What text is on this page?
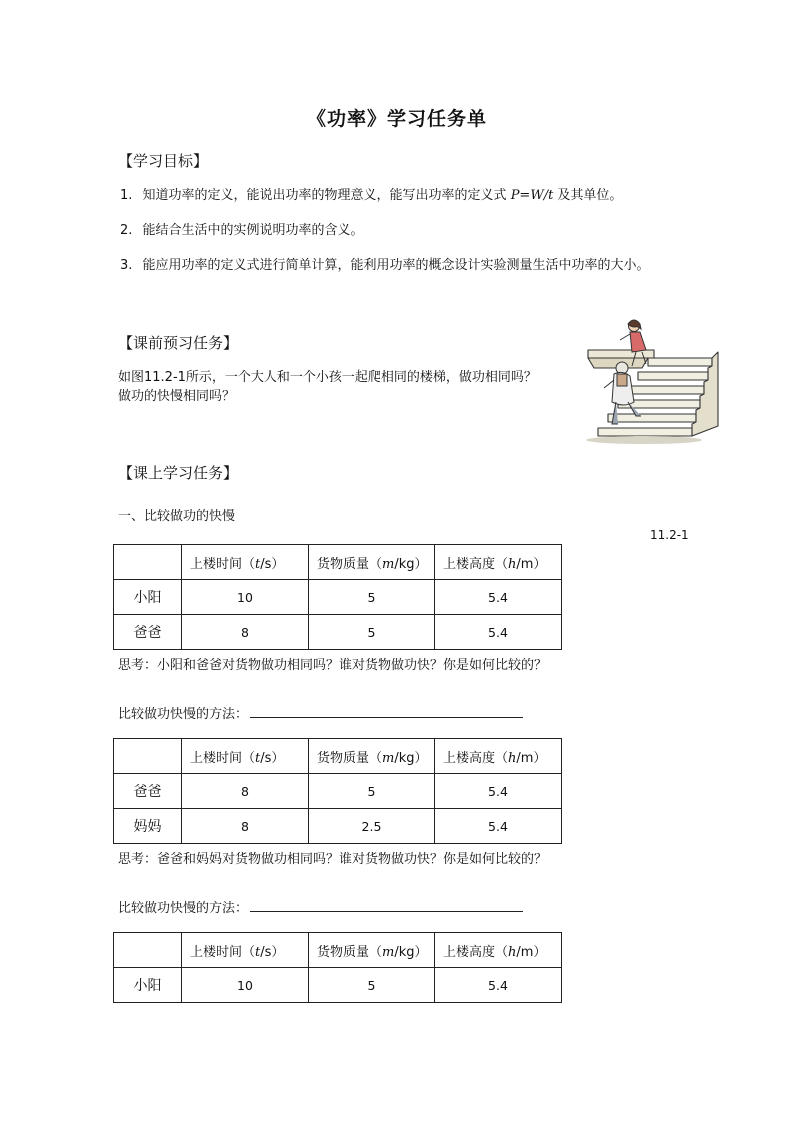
《功率》学习任务单
【学习目标】
1. 知道功率的定义，能说出功率的物理意义，能写出功率的定义式 P=W/t 及其单位。
2. 能结合生活中的实例说明功率的含义。
3. 能应用功率的定义式进行简单计算，能利用功率的概念设计实验测量生活中功率的大小。
【课前预习任务】
如图11.2-1所示，一个大人和一个小孩一起爬相同的楼梯，做功相同吗？
做功的快慢相同吗？
11.2-1
【课上学习任务】
一、比较做功的快慢
	上楼时间（t/s）	货物质量（m/kg）	上楼高度（h/m）
小阳	10	5	5.4
爸爸	8	5	5.4
思考：小阳和爸爸对货物做功相同吗？谁对货物做功快？你是如何比较的？
比较做功快慢的方法：
	上楼时间（t/s）	货物质量（m/kg）	上楼高度（h/m）
爸爸	8	5	5.4
妈妈	8	2.5	5.4
思考：爸爸和妈妈对货物做功相同吗？谁对货物做功快？你是如何比较的？
比较做功快慢的方法：
	上楼时间（t/s）	货物质量（m/kg）	上楼高度（h/m）
小阳	10	5	5.4
